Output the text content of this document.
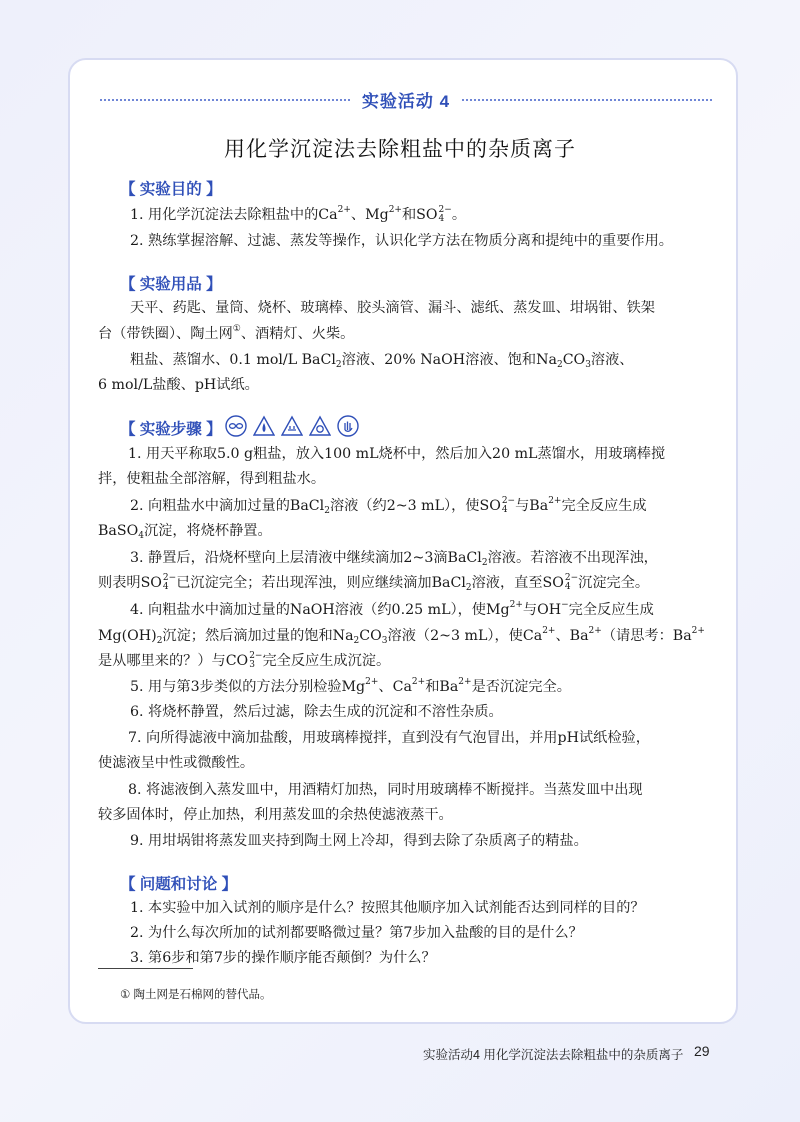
实验活动 4
用化学沉淀法去除粗盐中的杂质离子
【 实验目的 】
1. 用化学沉淀法去除粗盐中的$Ca^{2+}$、$Mg^{2+}$和SO 2−
4 。
2. 熟练掌握溶解、过滤、蒸发等操作，认识化学方法在物质分离和提纯中的重要作用。
【 实验用品 】
天平、药匙、量筒、烧杯、玻璃棒、胶头滴管、漏斗、滤纸、蒸发皿、坩埚钳、铁架
台（带铁圈）、陶土网①、酒精灯、火柴。
粗盐、蒸馏水、0.1 mol/L BaCl$_2$溶液、20% NaOH溶液、饱和$Na_2CO_3$溶液、
6 mol/L盐酸、pH试纸。
【 实验步骤 】
1. 用天平称取5.0 g粗盐，放入100 mL烧杯中，然后加入20 mL蒸馏水，用玻璃棒搅
拌，使粗盐全部溶解，得到粗盐水。
2. 向粗盐水中滴加过量的BaCl$_2$溶液（约2~3 mL），使SO 2−
4 与$Ba^{2+}$完全反应生成
BaSO$_4$沉淀，将烧杯静置。
3. 静置后，沿烧杯壁向上层清液中继续滴加2~3滴BaCl$_2$溶液。若溶液不出现浑浊，
则表明SO 2−
4 已沉淀完全；若出现浑浊，则应继续滴加BaCl$_2$溶液，直至SO 2−
4 沉淀完全。
4. 向粗盐水中滴加过量的NaOH溶液（约0.25 mL），使$Mg^{2+}$与OH−完全反应生成
$Mg(OH)_2$沉淀；然后滴加过量的饱和$Na_2CO_3$溶液（2~3 mL），使$Ca^{2+}$、$Ba^{2+}$（请思考：$Ba^{2+}$
是从哪里来的？）与CO 2−
3 完全反应生成沉淀。
5. 用与第3步类似的方法分别检验$Mg^{2+}$、$Ca^{2+}$和$Ba^{2+}$是否沉淀完全。
6. 将烧杯静置，然后过滤，除去生成的沉淀和不溶性杂质。
7. 向所得滤液中滴加盐酸，用玻璃棒搅拌，直到没有气泡冒出，并用pH试纸检验，
使滤液呈中性或微酸性。
8. 将滤液倒入蒸发皿中，用酒精灯加热，同时用玻璃棒不断搅拌。当蒸发皿中出现
较多固体时，停止加热，利用蒸发皿的余热使滤液蒸干。
9. 用坩埚钳将蒸发皿夹持到陶土网上冷却，得到去除了杂质离子的精盐。
【 问题和讨论 】
1. 本实验中加入试剂的顺序是什么？按照其他顺序加入试剂能否达到同样的目的？
2. 为什么每次所加的试剂都要略微过量？第7步加入盐酸的目的是什么？
3. 第6步和第7步的操作顺序能否颠倒？为什么？
① 陶土网是石棉网的替代品。
实验活动4 用化学沉淀法去除粗盐中的杂质离子 29
